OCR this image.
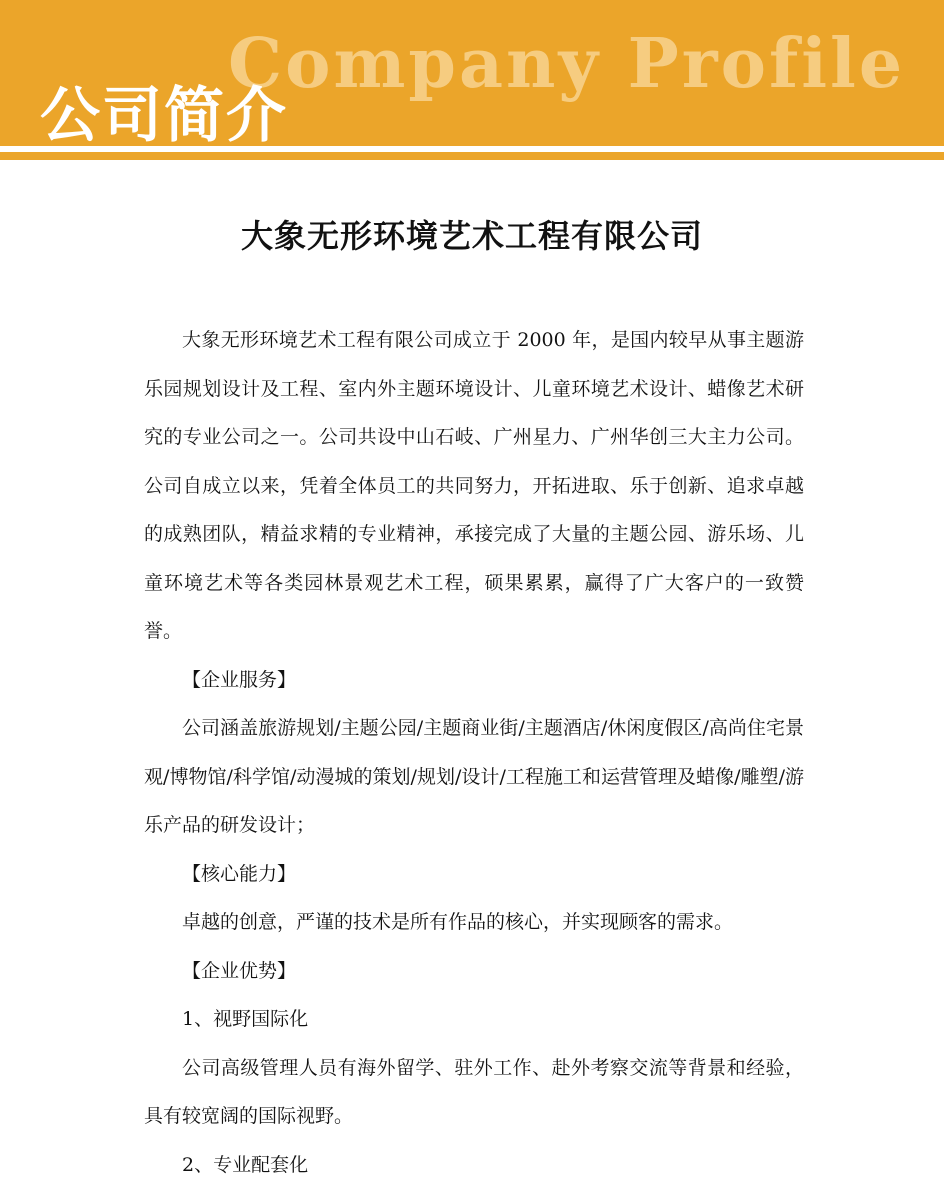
Company Profile
公司简介
大象无形环境艺术工程有限公司

大象无形环境艺术工程有限公司成立于 2000 年，是国内较早从事主题游乐园规划设计及工程、室内外主题环境设计、儿童环境艺术设计、蜡像艺术研究的专业公司之一。公司共设中山石岐、广州星力、广州华创三大主力公司。公司自成立以来，凭着全体员工的共同努力，开拓进取、乐于创新、追求卓越的成熟团队，精益求精的专业精神，承接完成了大量的主题公园、游乐场、儿童环境艺术等各类园林景观艺术工程，硕果累累，赢得了广大客户的一致赞誉。

【企业服务】

公司涵盖旅游规划/主题公园/主题商业街/主题酒店/休闲度假区/高尚住宅景观/博物馆/科学馆/动漫城的策划/规划/设计/工程施工和运营管理及蜡像/雕塑/游乐产品的研发设计；

【核心能力】

卓越的创意，严谨的技术是所有作品的核心，并实现顾客的需求。

【企业优势】

1、视野国际化

公司高级管理人员有海外留学、驻外工作、赴外考察交流等背景和经验， 具有较宽阔的国际视野。

2、专业配套化
